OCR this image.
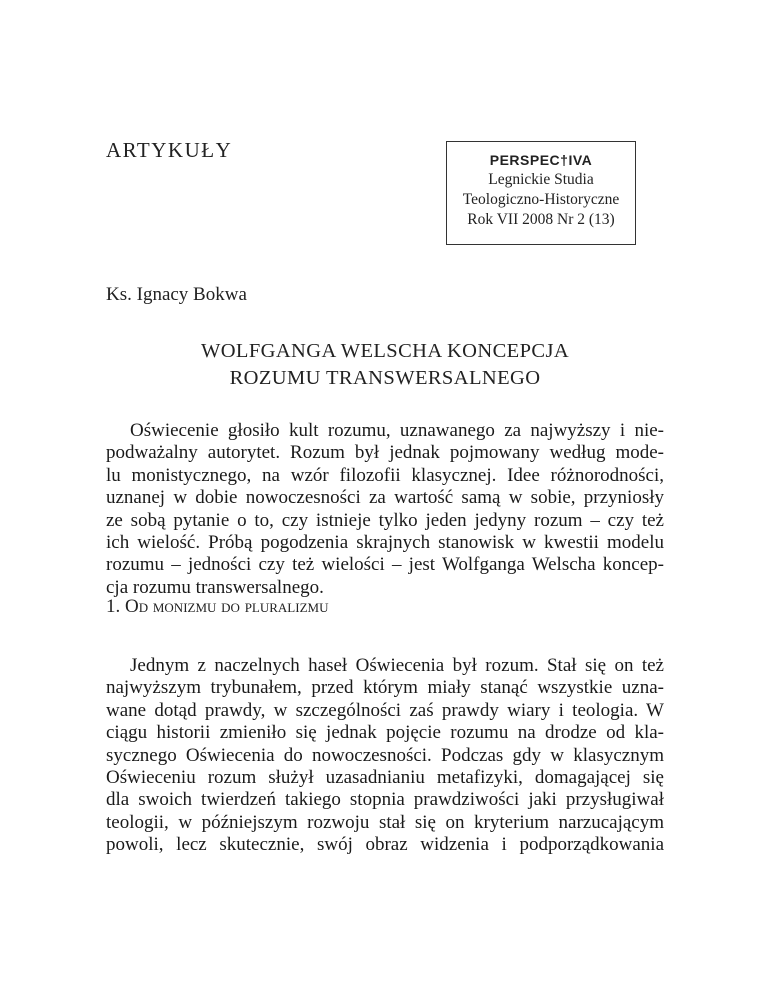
ARTYKUŁY	PERSPEC†IVA
Legnickie Studia
Teologiczno-Historyczne
Rok VII 2008 Nr 2 (13)
Ks. Ignacy Bokwa
WOLFGANGA WELSCHA KONCEPCJA
ROZUMU TRANSWERSALNEGO
Oświecenie głosiło kult rozumu, uznawanego za najwyższy i nie-
podważalny autorytet. Rozum był jednak pojmowany według mode-
lu monistycznego, na wzór filozofii klasycznej. Idee różnorodności,
uznanej w dobie nowoczesności za wartość samą w sobie, przyniosły
ze sobą pytanie o to, czy istnieje tylko jeden jedyny rozum – czy też
ich wielość. Próbą pogodzenia skrajnych stanowisk w kwestii modelu
rozumu – jedności czy też wielości – jest Wolfganga Welscha koncep-
cja rozumu transwersalnego.
1. Od monizmu do pluralizmu
Jednym z naczelnych haseł Oświecenia był rozum. Stał się on też
najwyższym trybunałem, przed którym miały stanąć wszystkie uzna-
wane dotąd prawdy, w szczególności zaś prawdy wiary i teologia. W
ciągu historii zmieniło się jednak pojęcie rozumu na drodze od kla-
sycznego Oświecenia do nowoczesności. Podczas gdy w klasycznym
Oświeceniu rozum służył uzasadnianiu metafizyki, domagającej się
dla swoich twierdzeń takiego stopnia prawdziwości jaki przysługiwał
teologii, w późniejszym rozwoju stał się on kryterium narzucającym
powoli, lecz skutecznie, swój obraz widzenia i podporządkowania
